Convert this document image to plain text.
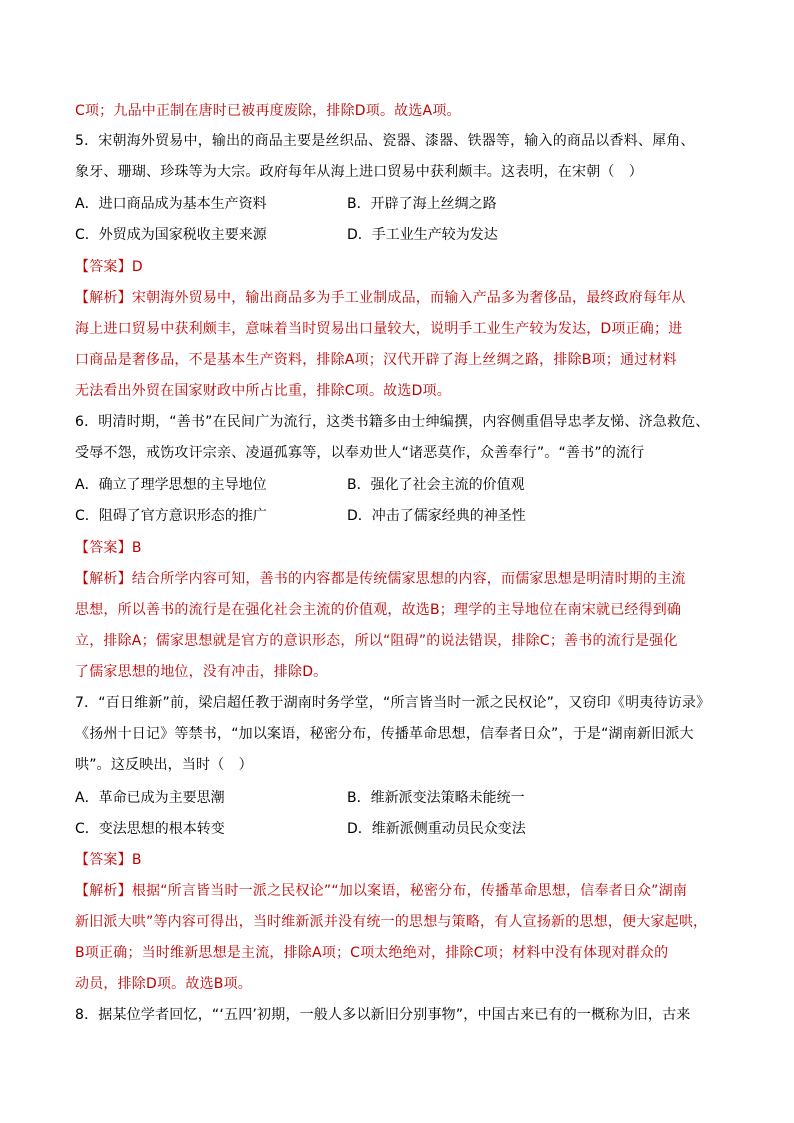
C项；九品中正制在唐时已被再度废除，排除D项。故选A项。
5．宋朝海外贸易中，输出的商品主要是丝织品、瓷器、漆器、铁器等，输入的商品以香料、犀角、
象牙、珊瑚、珍珠等为大宗。政府每年从海上进口贸易中获利颇丰。这表明，在宋朝（　）
A．进口商品成为基本生产资料	B．开辟了海上丝绸之路
C．外贸成为国家税收主要来源	D．手工业生产较为发达
【答案】D
【解析】宋朝海外贸易中，输出商品多为手工业制成品，而输入产品多为奢侈品，最终政府每年从
海上进口贸易中获利颇丰，意味着当时贸易出口量较大，说明手工业生产较为发达，D项正确；进
口商品是奢侈品，不是基本生产资料，排除A项；汉代开辟了海上丝绸之路，排除B项；通过材料
无法看出外贸在国家财政中所占比重，排除C项。故选D项。
6．明清时期，“善书”在民间广为流行，这类书籍多由士绅编撰，内容侧重倡导忠孝友悌、济急救危、
受辱不怨，戒饬攻讦宗亲、凌逼孤寡等，以奉劝世人“诸恶莫作，众善奉行”。“善书”的流行
A．确立了理学思想的主导地位	B．强化了社会主流的价值观
C．阻碍了官方意识形态的推广	D．冲击了儒家经典的神圣性
【答案】B
【解析】结合所学内容可知，善书的内容都是传统儒家思想的内容，而儒家思想是明清时期的主流
思想，所以善书的流行是在强化社会主流的价值观，故选B；理学的主导地位在南宋就已经得到确
立，排除A；儒家思想就是官方的意识形态，所以“阻碍”的说法错误，排除C；善书的流行是强化
了儒家思想的地位，没有冲击，排除D。
7．“百日维新”前，梁启超任教于湖南时务学堂，“所言皆当时一派之民权论”，又窃印《明夷待访录》
《扬州十日记》等禁书，“加以案语，秘密分布，传播革命思想，信奉者日众”，于是“湖南新旧派大
哄”。这反映出，当时（　）
A．革命已成为主要思潮	B．维新派变法策略未能统一
C．变法思想的根本转变	D．维新派侧重动员民众变法
【答案】B
【解析】根据“所言皆当时一派之民权论”“加以案语，秘密分布，传播革命思想，信奉者日众”湖南
新旧派大哄”等内容可得出，当时维新派并没有统一的思想与策略，有人宣扬新的思想，便大家起哄，
B项正确；当时维新思想是主流，排除A项；C项太绝绝对，排除C项；材料中没有体现对群众的
动员，排除D项。故选B项。
8．据某位学者回忆，“‘五四’初期，一般人多以新旧分别事物”，中国古来已有的一概称为旧，古来
